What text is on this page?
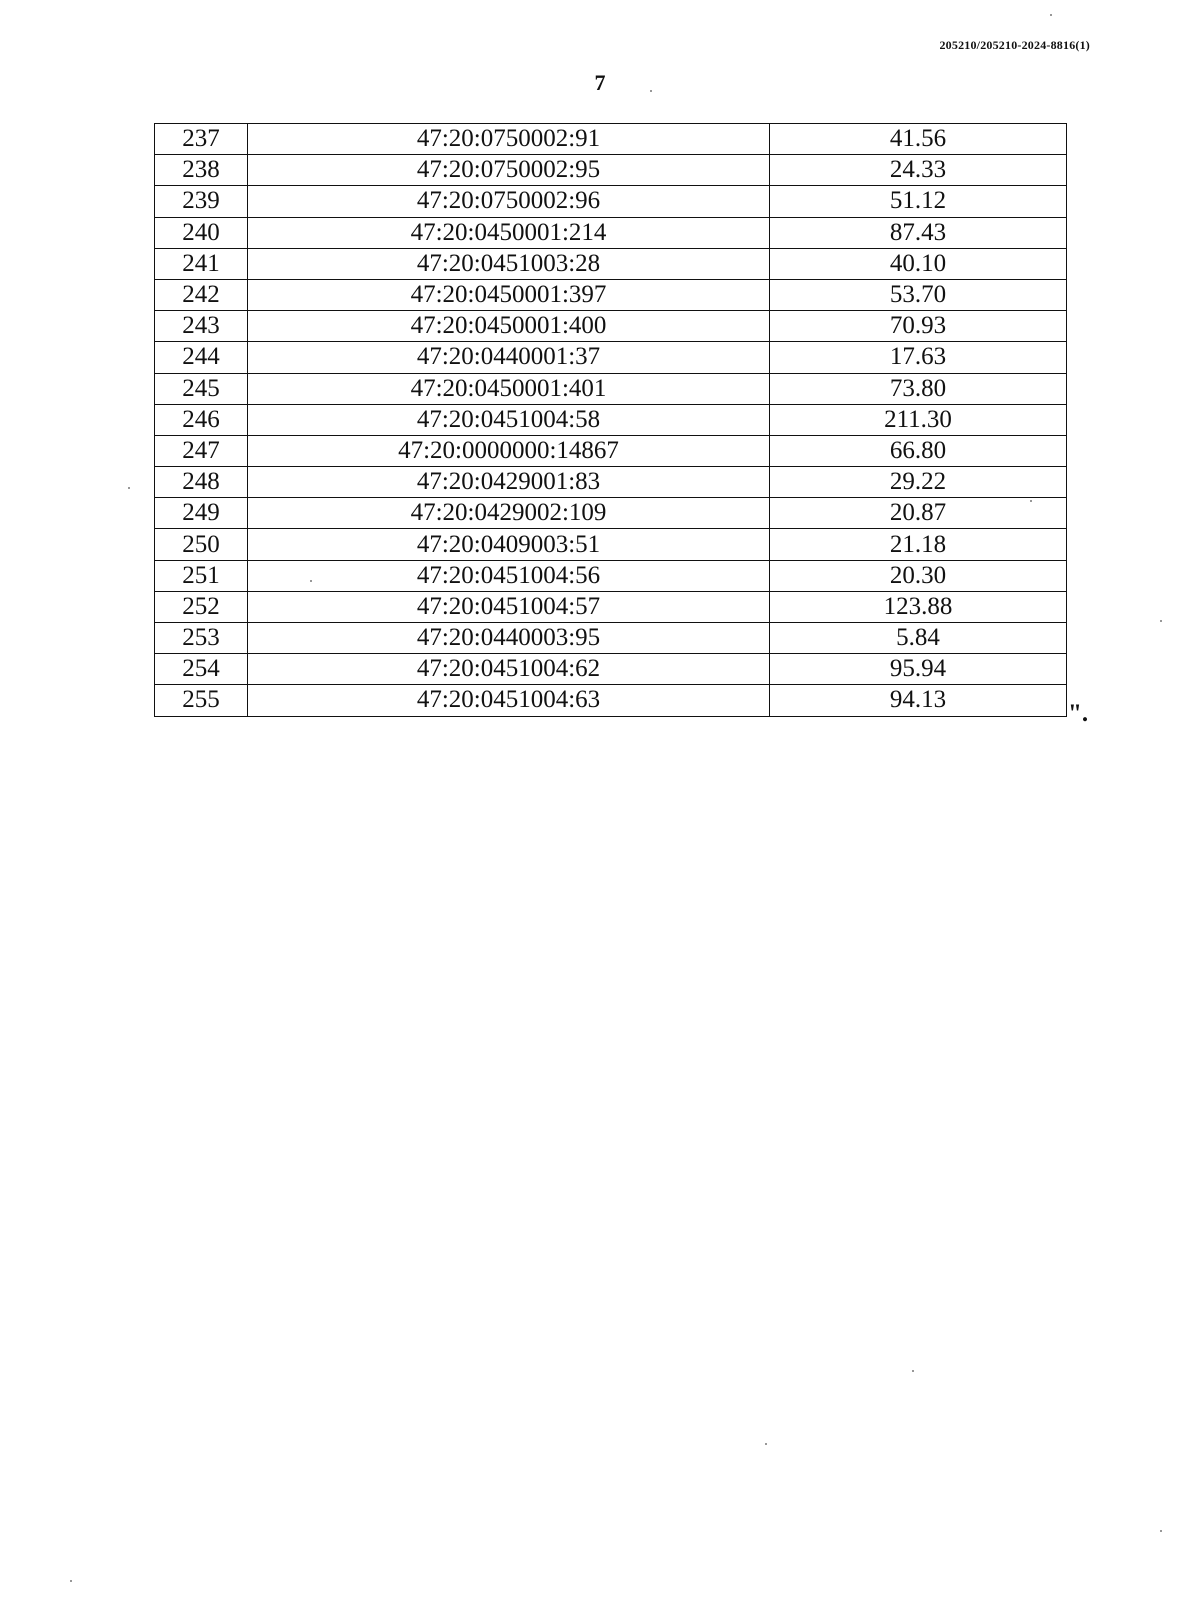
205210/205210-2024-8816(1)
7
237	47:20:0750002:91	41.56
238	47:20:0750002:95	24.33
239	47:20:0750002:96	51.12
240	47:20:0450001:214	87.43
241	47:20:0451003:28	40.10
242	47:20:0450001:397	53.70
243	47:20:0450001:400	70.93
244	47:20:0440001:37	17.63
245	47:20:0450001:401	73.80
246	47:20:0451004:58	211.30
247	47:20:0000000:14867	66.80
248	47:20:0429001:83	29.22
249	47:20:0429002:109	20.87
250	47:20:0409003:51	21.18
251	47:20:0451004:56	20.30
252	47:20:0451004:57	123.88
253	47:20:0440003:95	5.84
254	47:20:0451004:62	95.94
255	47:20:0451004:63	94.13
".
